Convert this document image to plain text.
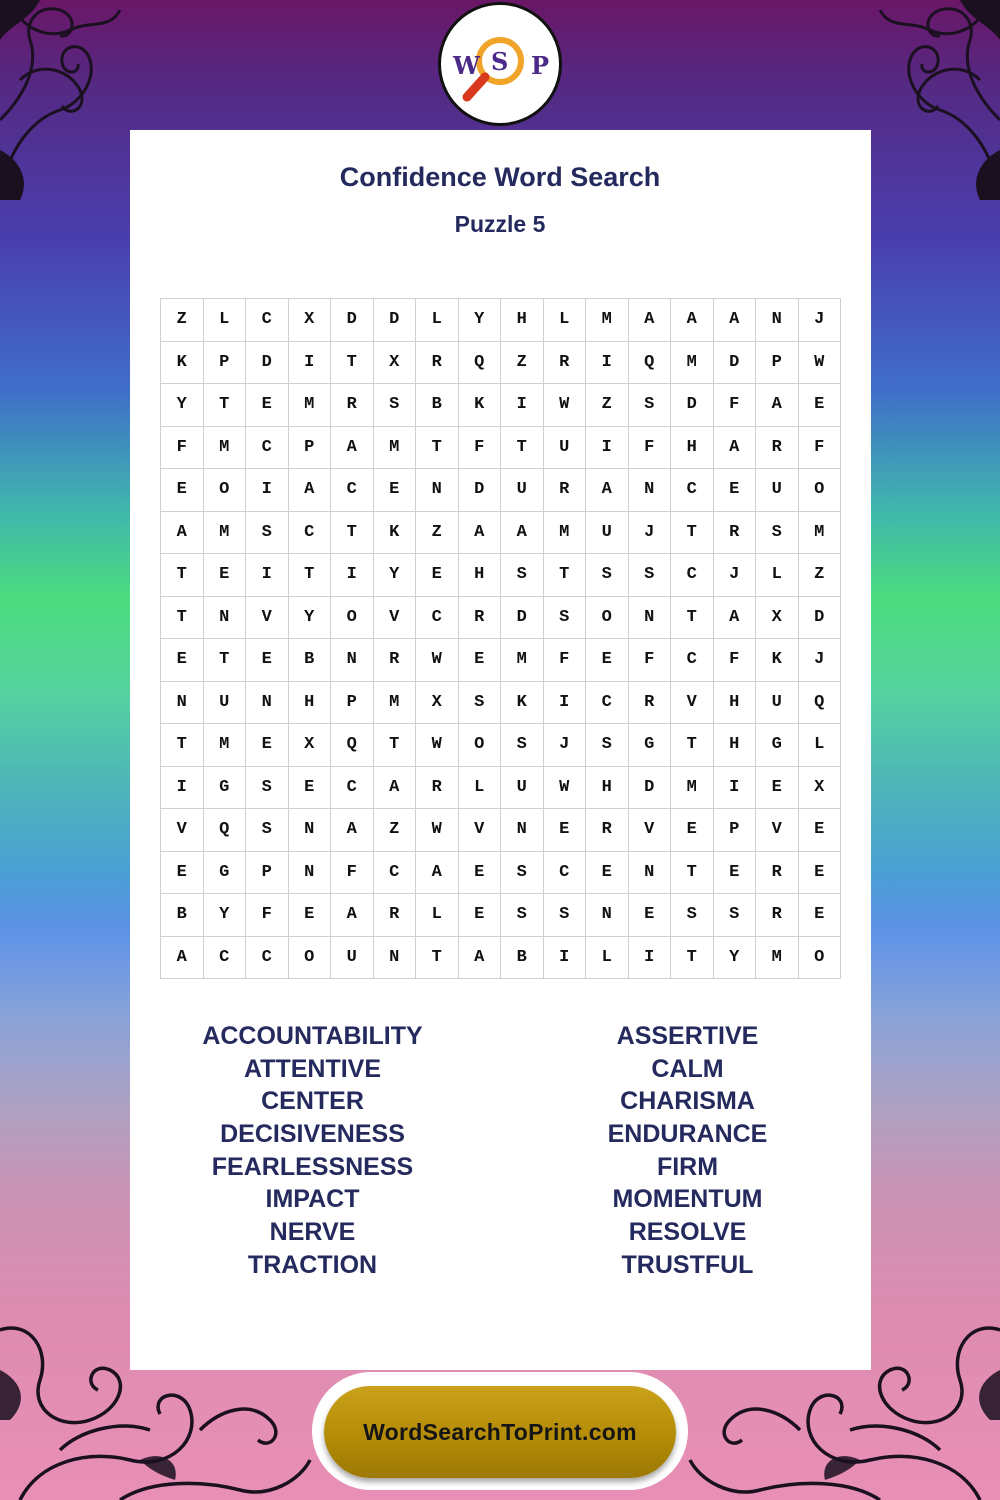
W S P
Confidence Word Search
Puzzle 5
Z	L	C	X	D	D	L	Y	H	L	M	A	A	A	N	J
K	P	D	I	T	X	R	Q	Z	R	I	Q	M	D	P	W
Y	T	E	M	R	S	B	K	I	W	Z	S	D	F	A	E
F	M	C	P	A	M	T	F	T	U	I	F	H	A	R	F
E	O	I	A	C	E	N	D	U	R	A	N	C	E	U	O
A	M	S	C	T	K	Z	A	A	M	U	J	T	R	S	M
T	E	I	T	I	Y	E	H	S	T	S	S	C	J	L	Z
T	N	V	Y	O	V	C	R	D	S	O	N	T	A	X	D
E	T	E	B	N	R	W	E	M	F	E	F	C	F	K	J
N	U	N	H	P	M	X	S	K	I	C	R	V	H	U	Q
T	M	E	X	Q	T	W	O	S	J	S	G	T	H	G	L
I	G	S	E	C	A	R	L	U	W	H	D	M	I	E	X
V	Q	S	N	A	Z	W	V	N	E	R	V	E	P	V	E
E	G	P	N	F	C	A	E	S	C	E	N	T	E	R	E
B	Y	F	E	A	R	L	E	S	S	N	E	S	S	R	E
A	C	C	O	U	N	T	A	B	I	L	I	T	Y	M	O
ACCOUNTABILITY
ATTENTIVE
CENTER
DECISIVENESS
FEARLESSNESS
IMPACT
NERVE
TRACTION
ASSERTIVE
CALM
CHARISMA
ENDURANCE
FIRM
MOMENTUM
RESOLVE
TRUSTFUL
WordSearchToPrint.com
